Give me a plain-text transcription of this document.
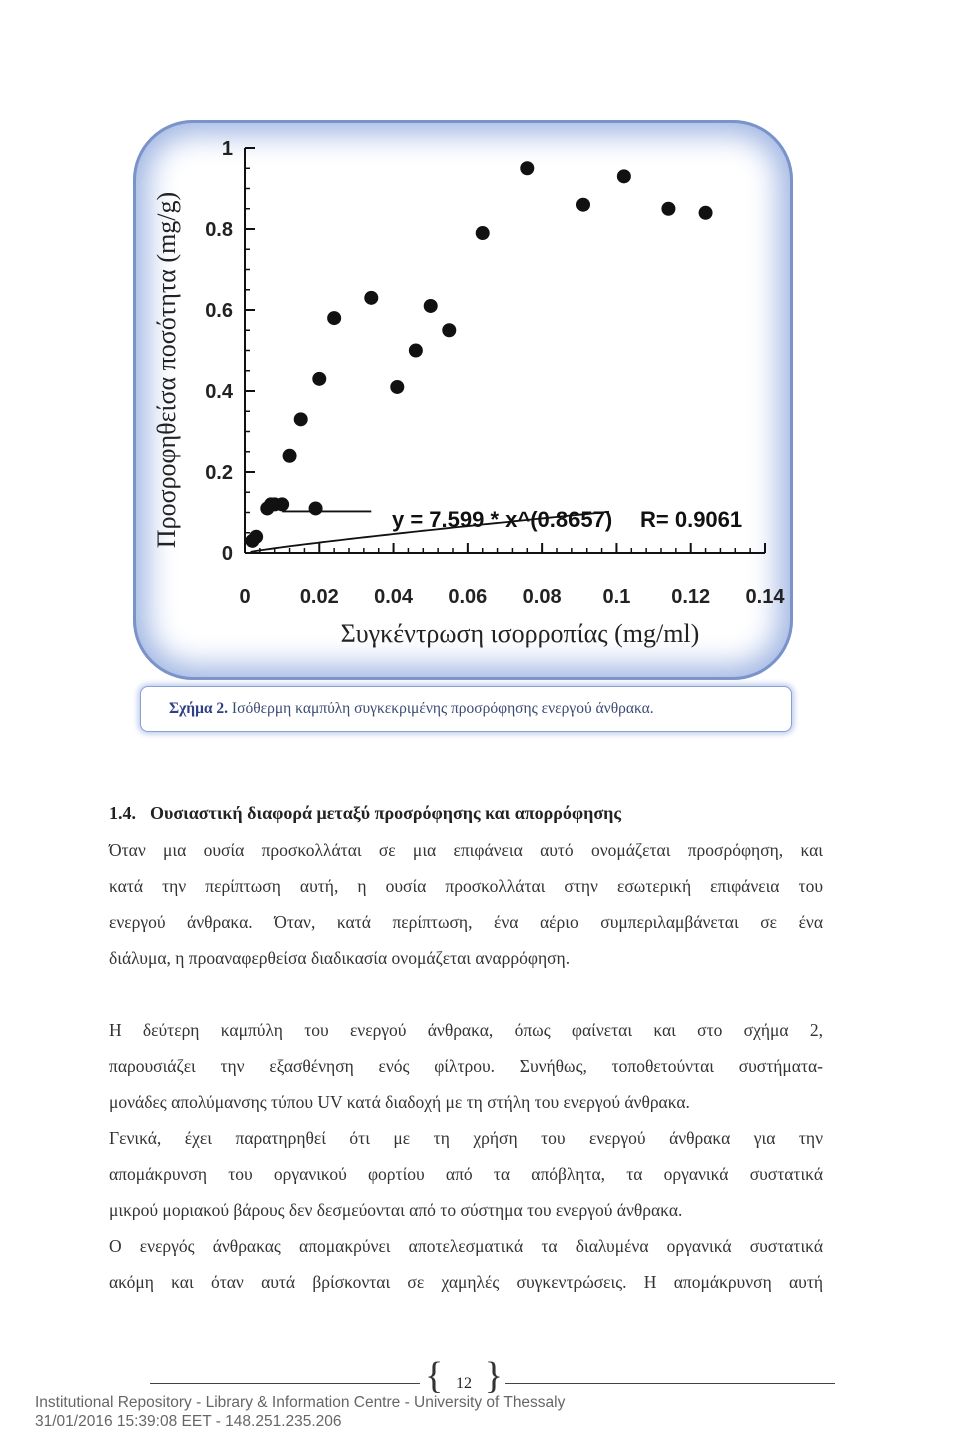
0
0.2
0.4
0.6
0.8
1
0 0.02 0.04 0.06 0.08 0.1 0.12 0.14
y = 7.599 * x^(0.8657) R= 0.9061
Συγκέντρωση ισορροπίας (mg/ml)
Προσροφηθείσα ποσότητα (mg/g)
Σχήμα 2. Ισόθερμη καμπύλη συγκεκριμένης προσρόφησης ενεργού άνθρακα.
1.4. Ουσιαστική διαφορά μεταξύ προσρόφησης και απορρόφησης
Όταν μια ουσία προσκολλάται σε μια επιφάνεια αυτό ονομάζεται προσρόφηση, και
κατά την περίπτωση αυτή, η ουσία προσκολλάται στην εσωτερική επιφάνεια του
ενεργού άνθρακα. Όταν, κατά περίπτωση, ένα αέριο συμπεριλαμβάνεται σε ένα
διάλυμα, η προαναφερθείσα διαδικασία ονομάζεται αναρρόφηση.
Η δεύτερη καμπύλη του ενεργού άνθρακα, όπως φαίνεται και στο σχήμα 2,
παρουσιάζει την εξασθένηση ενός φίλτρου. Συνήθως, τοποθετούνται συστήματα-
μονάδες απολύμανσης τύπου UV κατά διαδοχή με τη στήλη του ενεργού άνθρακα.
Γενικά, έχει παρατηρηθεί ότι με τη χρήση του ενεργού άνθρακα για την
απομάκρυνση του οργανικού φορτίου από τα απόβλητα, τα οργανικά συστατικά
μικρού μοριακού βάρους δεν δεσμεύονται από το σύστημα του ενεργού άνθρακα.
Ο ενεργός άνθρακας απομακρύνει αποτελεσματικά τα διαλυμένα οργανικά συστατικά
ακόμη και όταν αυτά βρίσκονται σε χαμηλές συγκεντρώσεις. Η απομάκρυνση αυτή
{ 12 }
Institutional Repository - Library & Information Centre - University of Thessaly
31/01/2016 15:39:08 EET - 148.251.235.206
